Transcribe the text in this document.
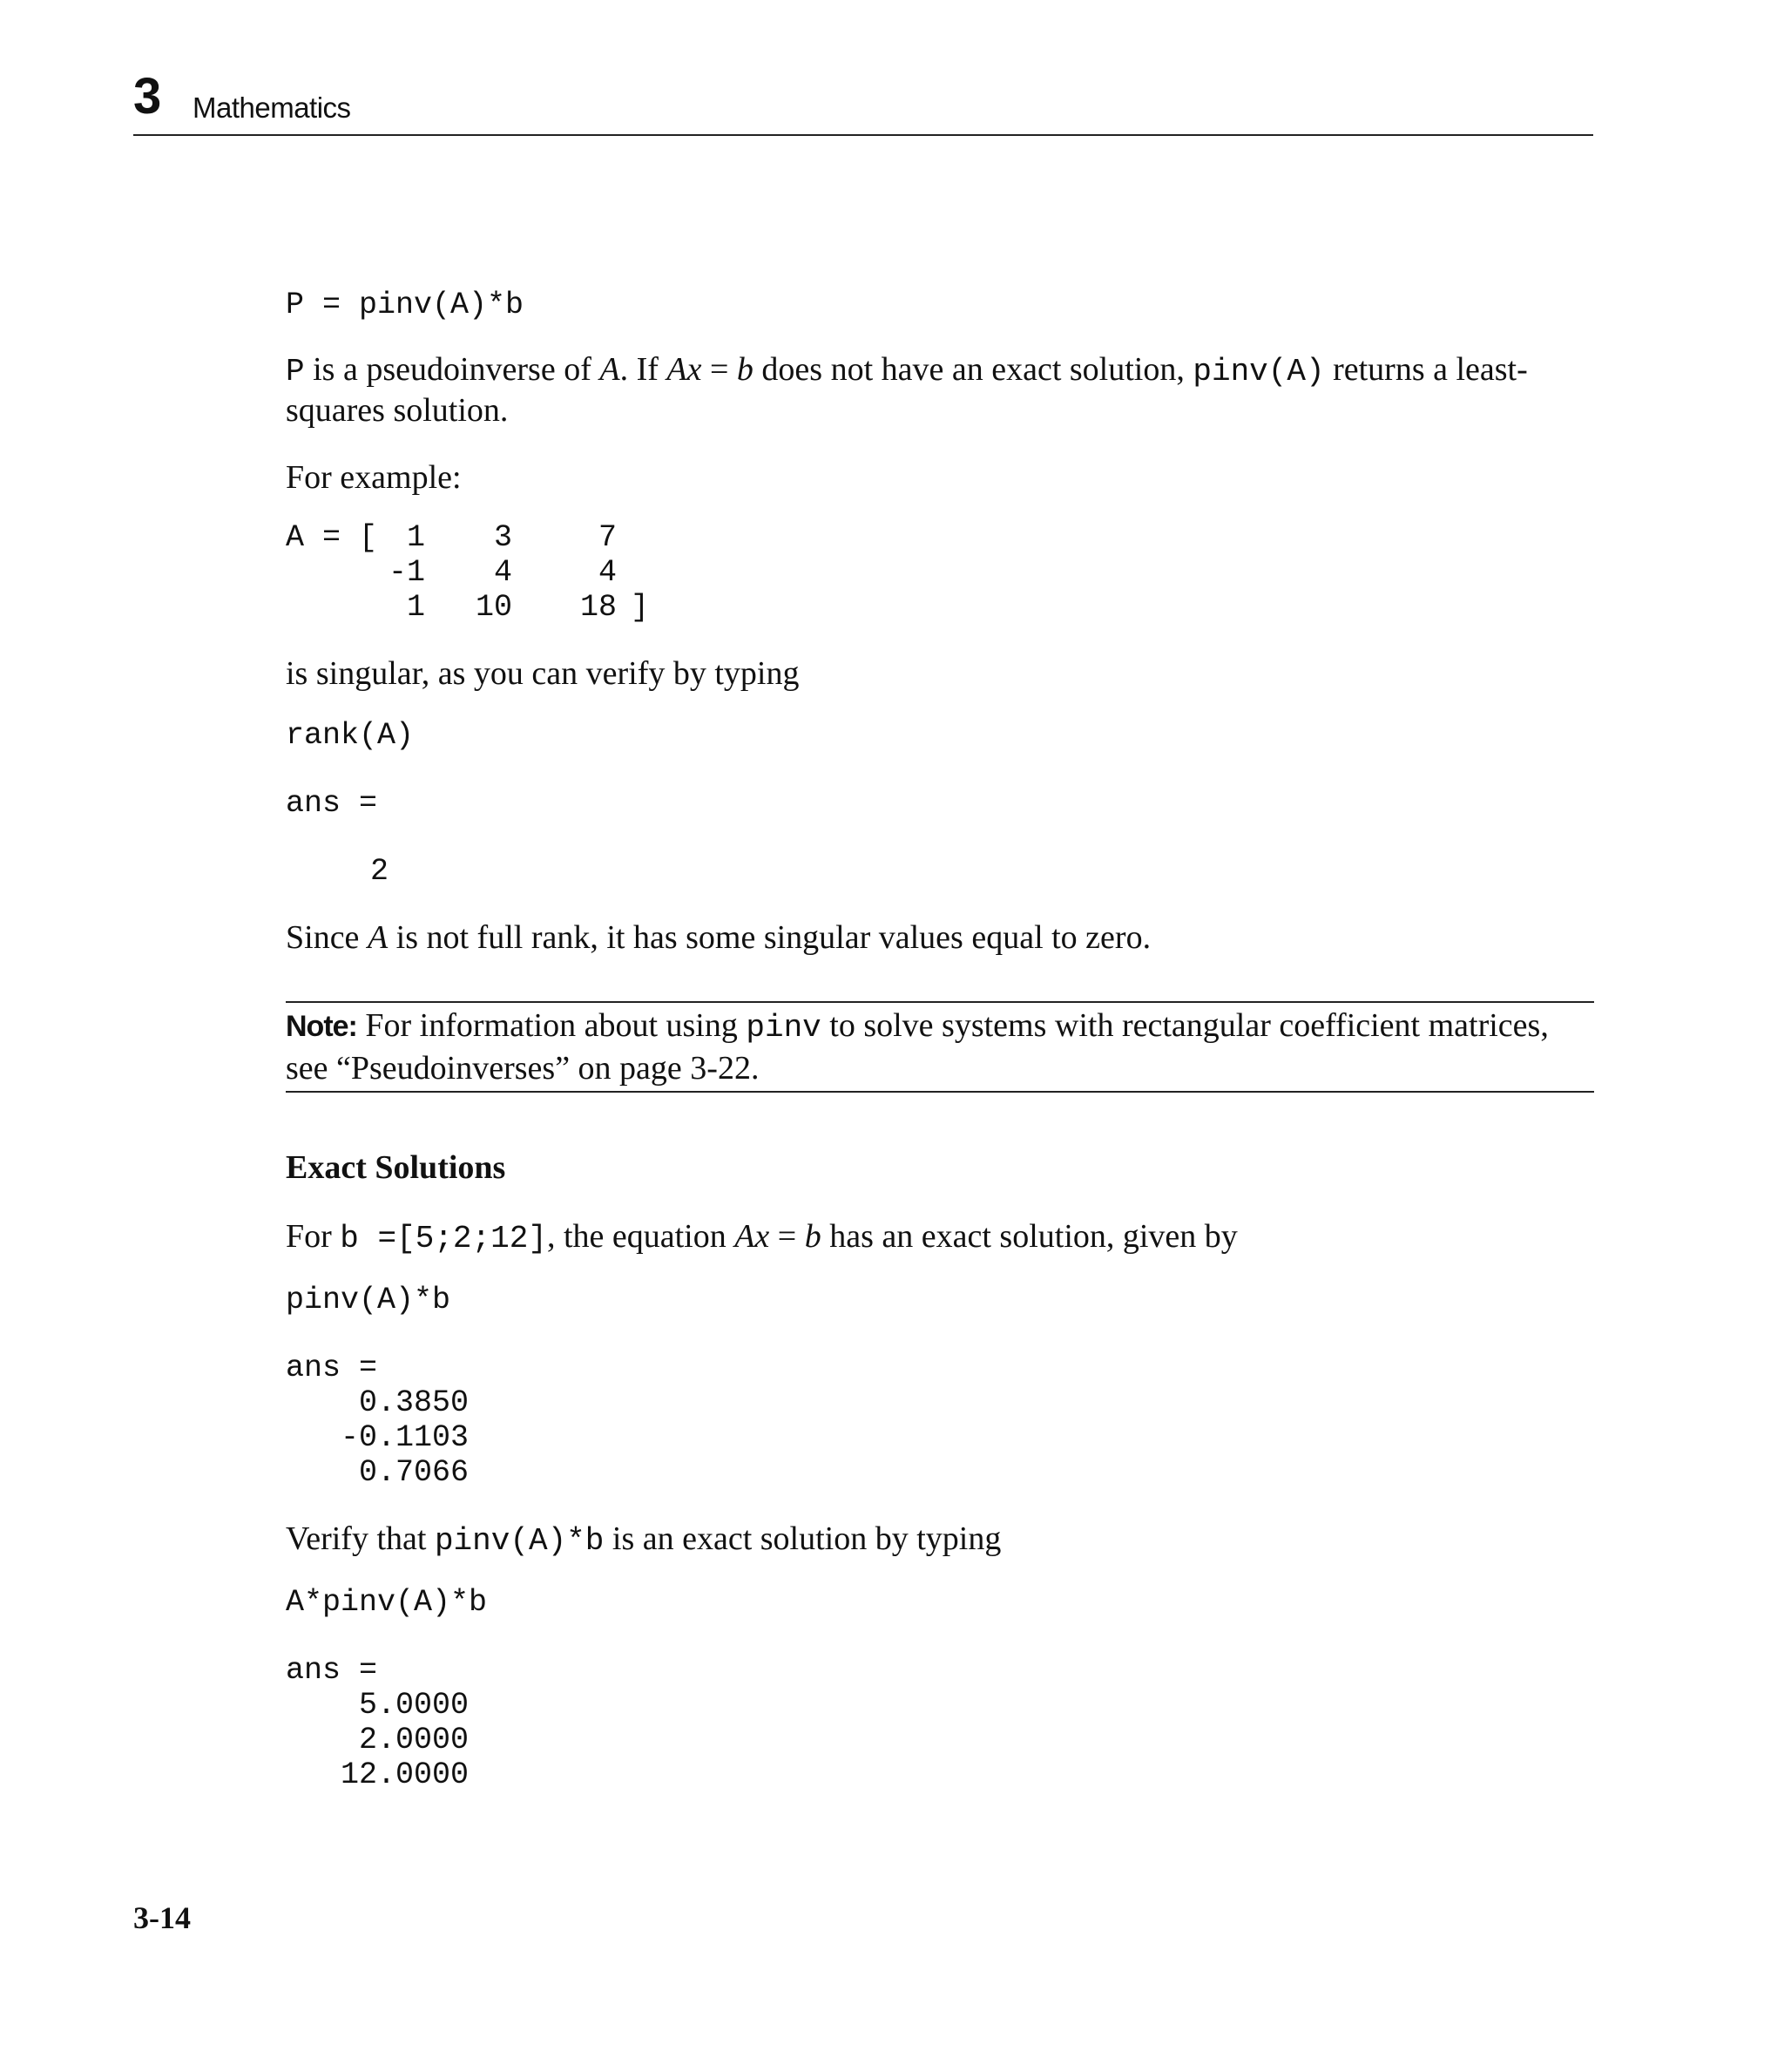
3 Mathematics
P = pinv(A)*b

P is a pseudoinverse of A. If Ax = b does not have an exact solution, pinv(A) returns a least-squares solution.

For example:

A = [ 1	3	7
-1	4	4
1	10	18 ]

is singular, as you can verify by typing

rank(A)
ans =
2

Since A is not full rank, it has some singular values equal to zero.

Note: For information about using pinv to solve systems with rectangular coefficient matrices, see “Pseudoinverses” on page 3-22.

Exact Solutions

For b =[5;2;12], the equation Ax = b has an exact solution, given by

pinv(A)*b
ans =
0.3850
-0.1103
0.7066

Verify that pinv(A)*b is an exact solution by typing

A*pinv(A)*b
ans =
5.0000
2.0000
12.0000
3-14
